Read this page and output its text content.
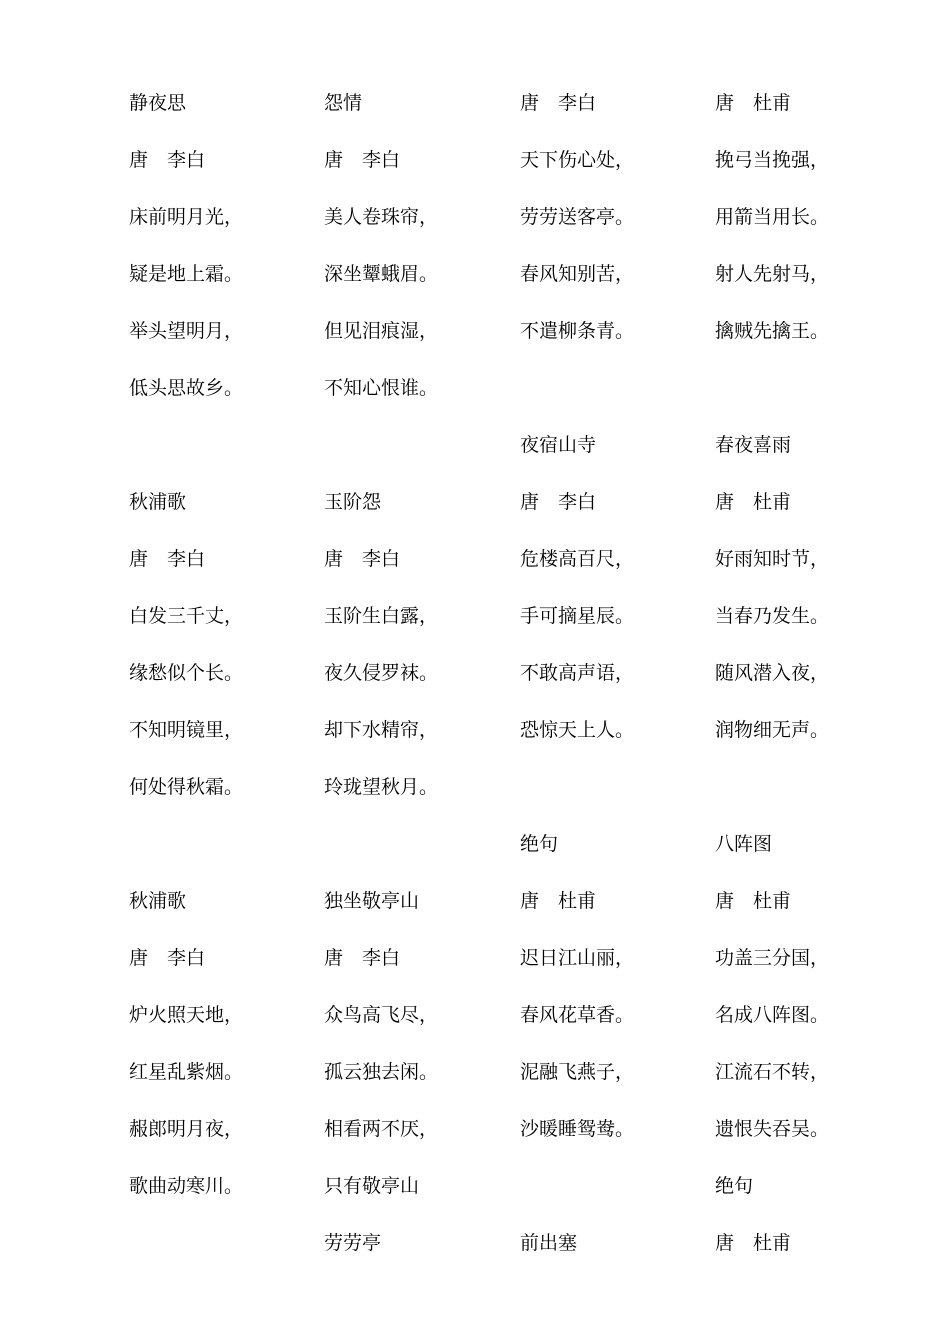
静夜思
唐　李白
床前明月光，
疑是地上霜。
举头望明月，
低头思故乡。
秋浦歌
唐　李白
白发三千丈，
缘愁似个长。
不知明镜里，
何处得秋霜。
秋浦歌
唐　李白
炉火照天地，
红星乱紫烟。
赧郎明月夜，
歌曲动寒川。
怨情
唐　李白
美人卷珠帘，
深坐颦蛾眉。
但见泪痕湿，
不知心恨谁。
玉阶怨
唐　李白
玉阶生白露，
夜久侵罗袜。
却下水精帘，
玲珑望秋月。
独坐敬亭山
唐　李白
众鸟高飞尽，
孤云独去闲。
相看两不厌，
只有敬亭山
劳劳亭
唐　李白
天下伤心处，
劳劳送客亭。
春风知别苦，
不遣柳条青。
夜宿山寺
唐　李白
危楼高百尺，
手可摘星辰。
不敢高声语，
恐惊天上人。
绝句
唐　杜甫
迟日江山丽，
春风花草香。
泥融飞燕子，
沙暖睡鸳鸯。
前出塞
唐　杜甫
挽弓当挽强，
用箭当用长。
射人先射马，
擒贼先擒王。
春夜喜雨
唐　杜甫
好雨知时节，
当春乃发生。
随风潜入夜，
润物细无声。
八阵图
唐　杜甫
功盖三分国，
名成八阵图。
江流石不转，
遗恨失吞吴。
绝句
唐　杜甫
